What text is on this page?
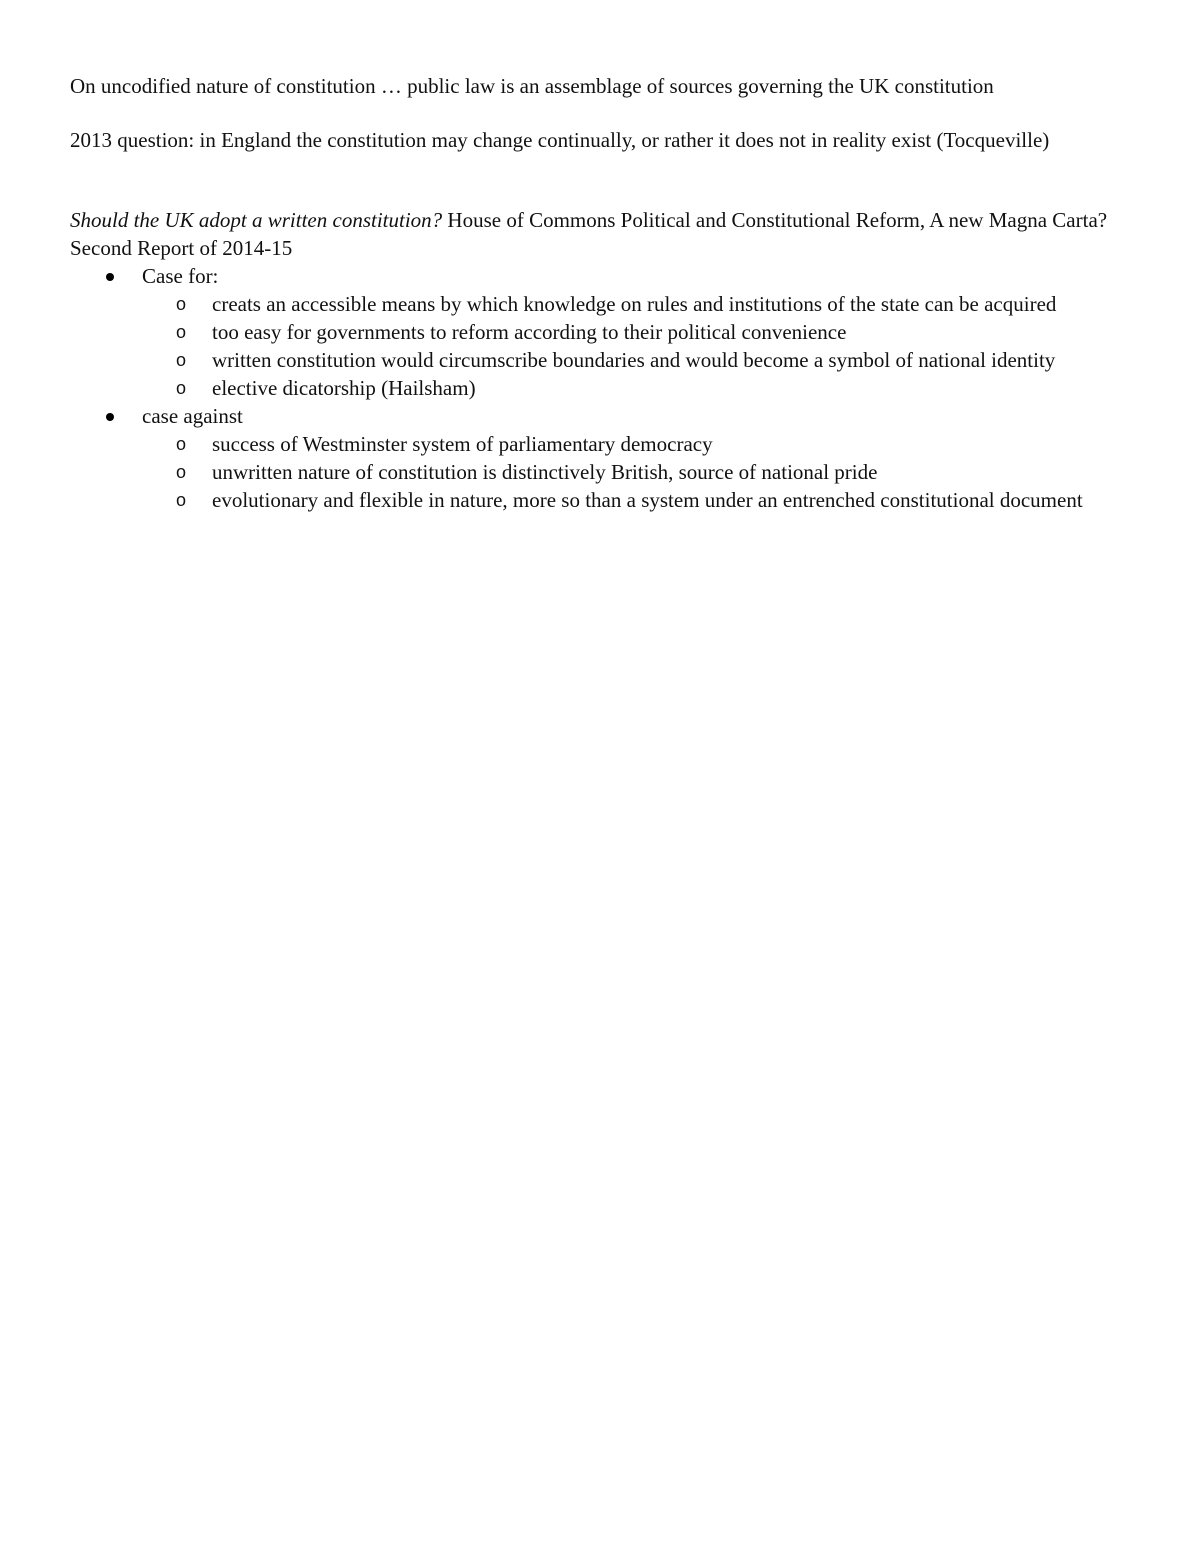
On uncodified nature of constitution … public law is an assemblage of sources governing the UK constitution

2013 question: in England the constitution may change continually, or rather it does not in reality exist (Tocqueville)

Should the UK adopt a written constitution? House of Commons Political and Constitutional Reform, A new Magna Carta? Second Report of 2014-15

Case for:
o creats an accessible means by which knowledge on rules and institutions of the state can be acquired
o too easy for governments to reform according to their political convenience
o written constitution would circumscribe boundaries and would become a symbol of national identity
o elective dicatorship (Hailsham)
case against
o success of Westminster system of parliamentary democracy
o unwritten nature of constitution is distinctively British, source of national pride
o evolutionary and flexible in nature, more so than a system under an entrenched constitutional document
